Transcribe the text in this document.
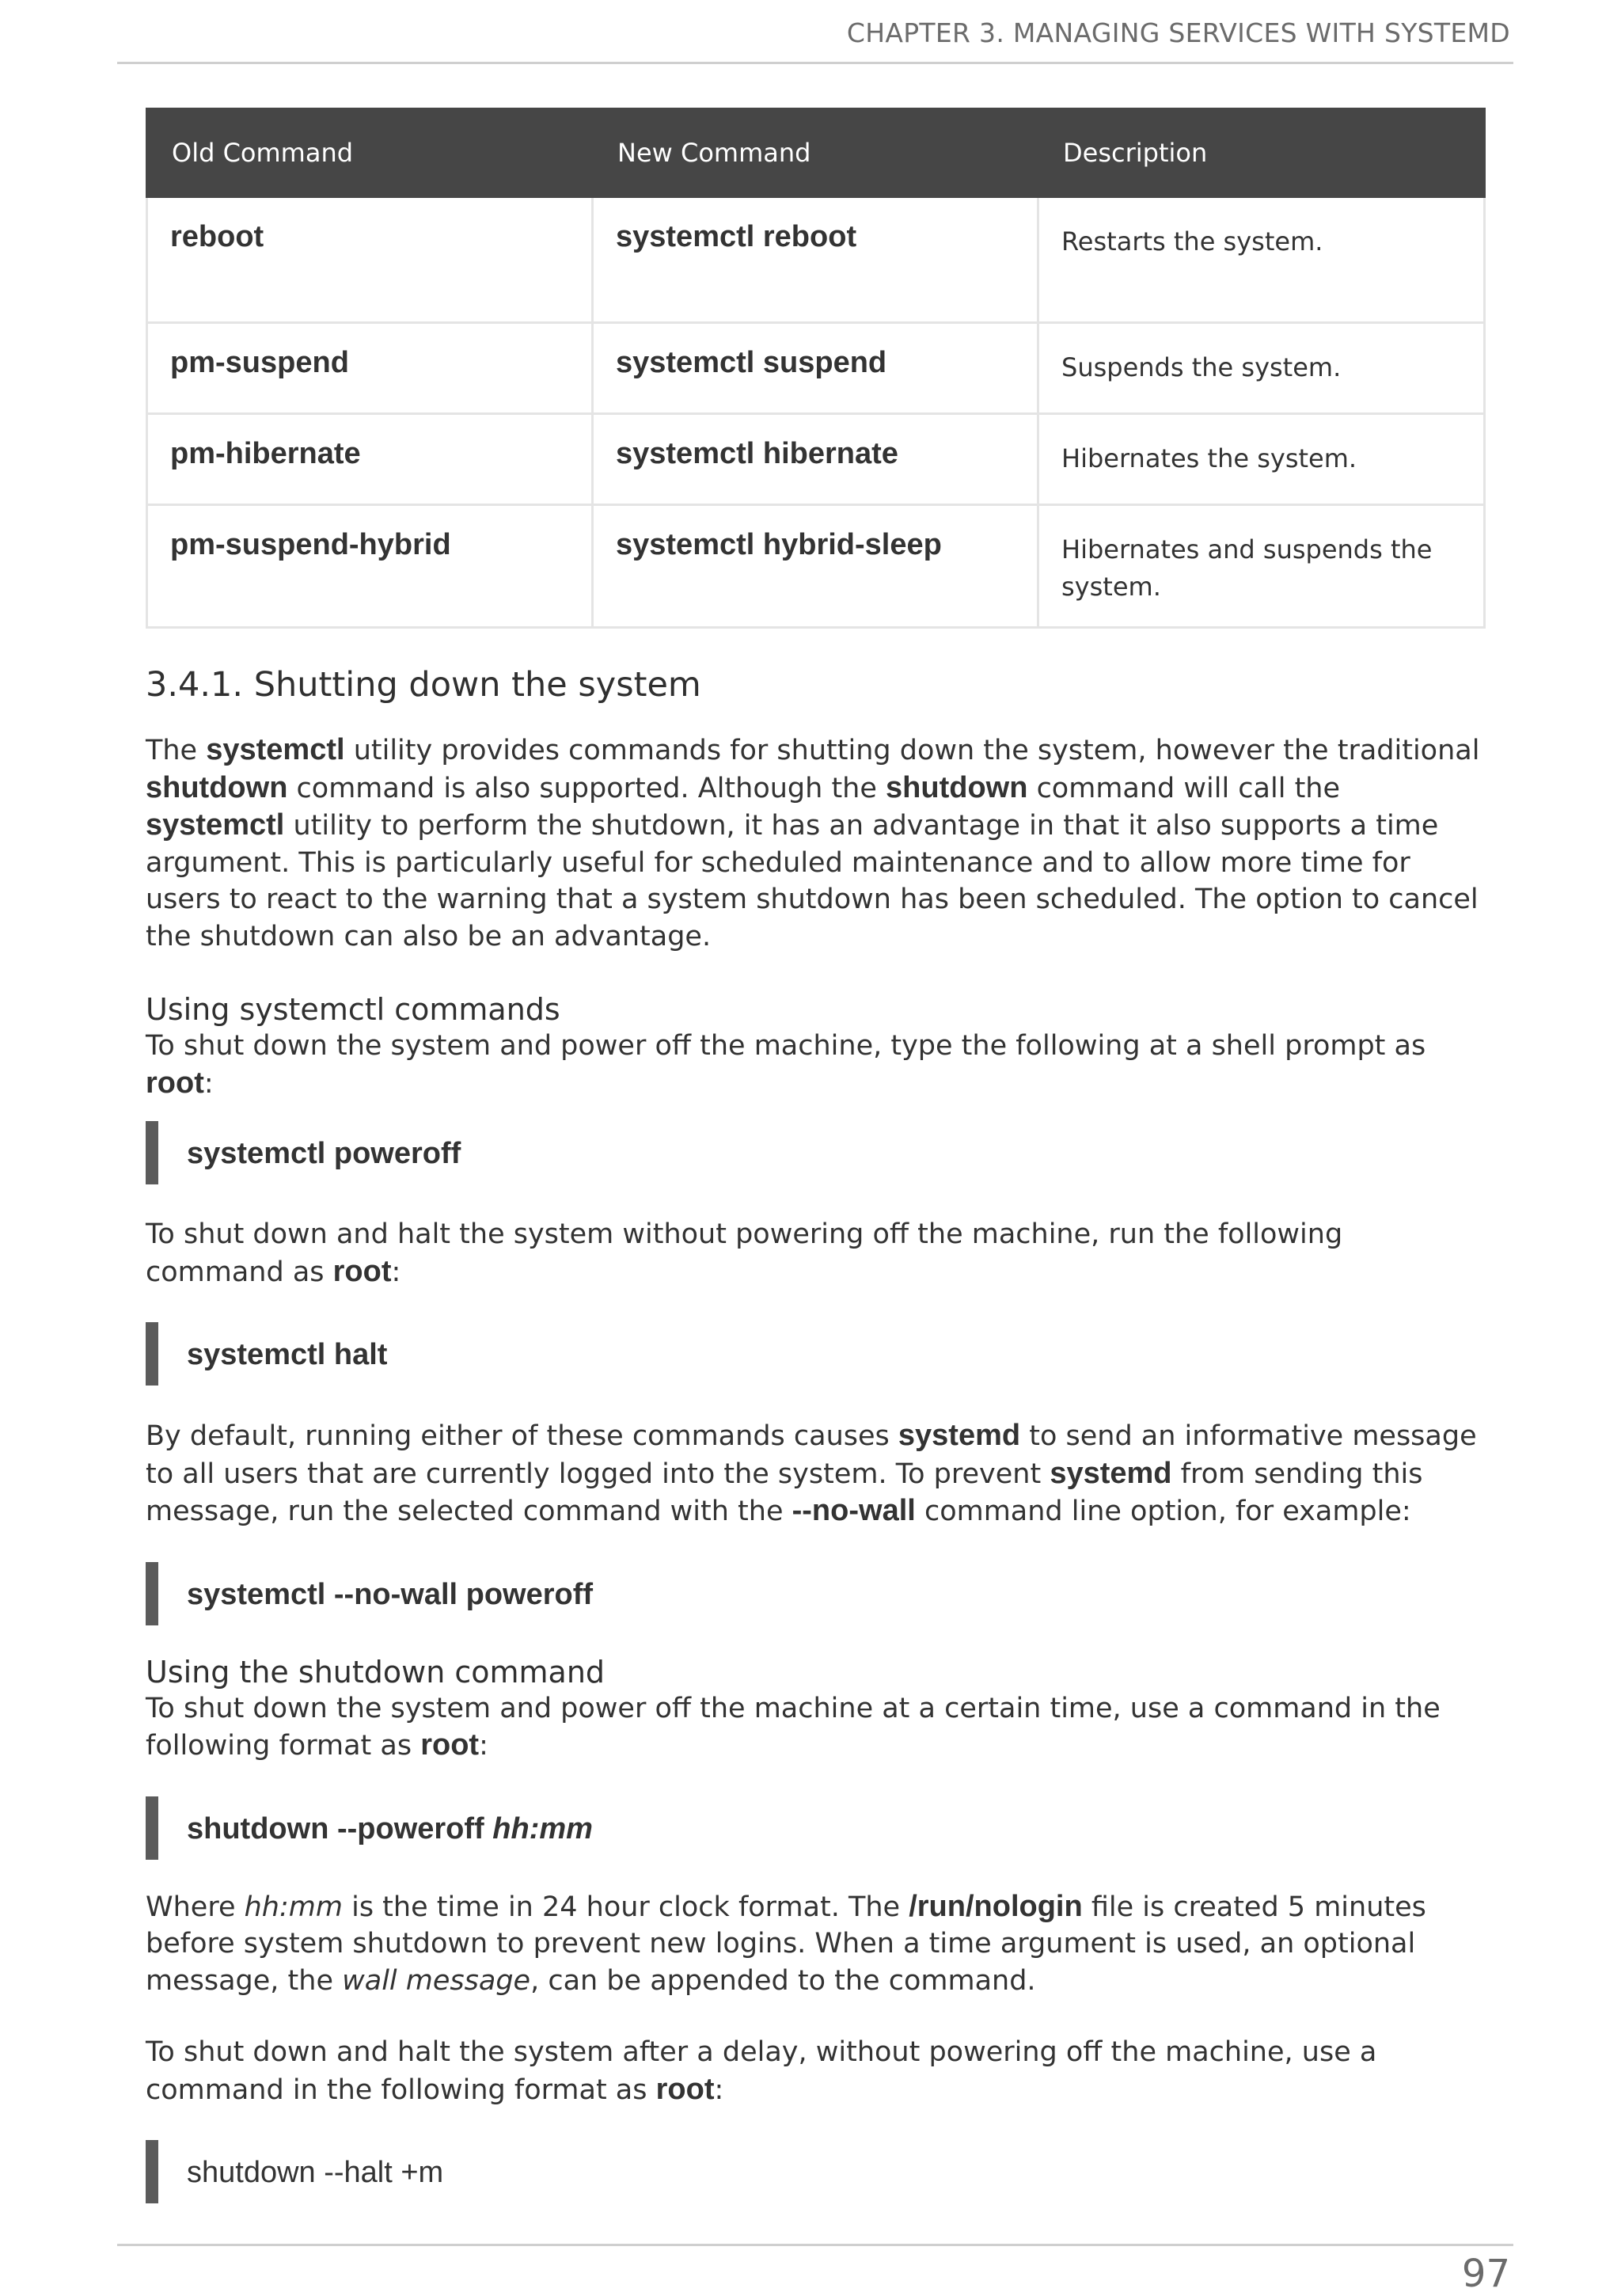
CHAPTER 3. MANAGING SERVICES WITH SYSTEMD
Old Command	New Command	Description
reboot	systemctl reboot	Restarts the system.
pm-suspend	systemctl suspend	Suspends the system.
pm-hibernate	systemctl hibernate	Hibernates the system.
pm-suspend-hybrid	systemctl hybrid-sleep	Hibernates and suspends the system.
3.4.1. Shutting down the system

The systemctl utility provides commands for shutting down the system, however the traditional shutdown command is also supported. Although the shutdown command will call the systemctl utility to perform the shutdown, it has an advantage in that it also supports a time argument. This is particularly useful for scheduled maintenance and to allow more time for users to react to the warning that a system shutdown has been scheduled. The option to cancel the shutdown can also be an advantage.

Using systemctl commands

To shut down the system and power off the machine, type the following at a shell prompt as root:

systemctl poweroff

To shut down and halt the system without powering off the machine, run the following command as root:

systemctl halt

By default, running either of these commands causes systemd to send an informative message to all users that are currently logged into the system. To prevent systemd from sending this message, run the selected command with the --no-wall command line option, for example:

systemctl --no-wall poweroff
Using the shutdown command

To shut down the system and power off the machine at a certain time, use a command in the following format as root:

shutdown --poweroff hh:mm

Where hh:mm is the time in 24 hour clock format. The /run/nologin file is created 5 minutes before system shutdown to prevent new logins. When a time argument is used, an optional message, the wall message, can be appended to the command.

To shut down and halt the system after a delay, without powering off the machine, use a command in the following format as root:

shutdown --halt +m
97
